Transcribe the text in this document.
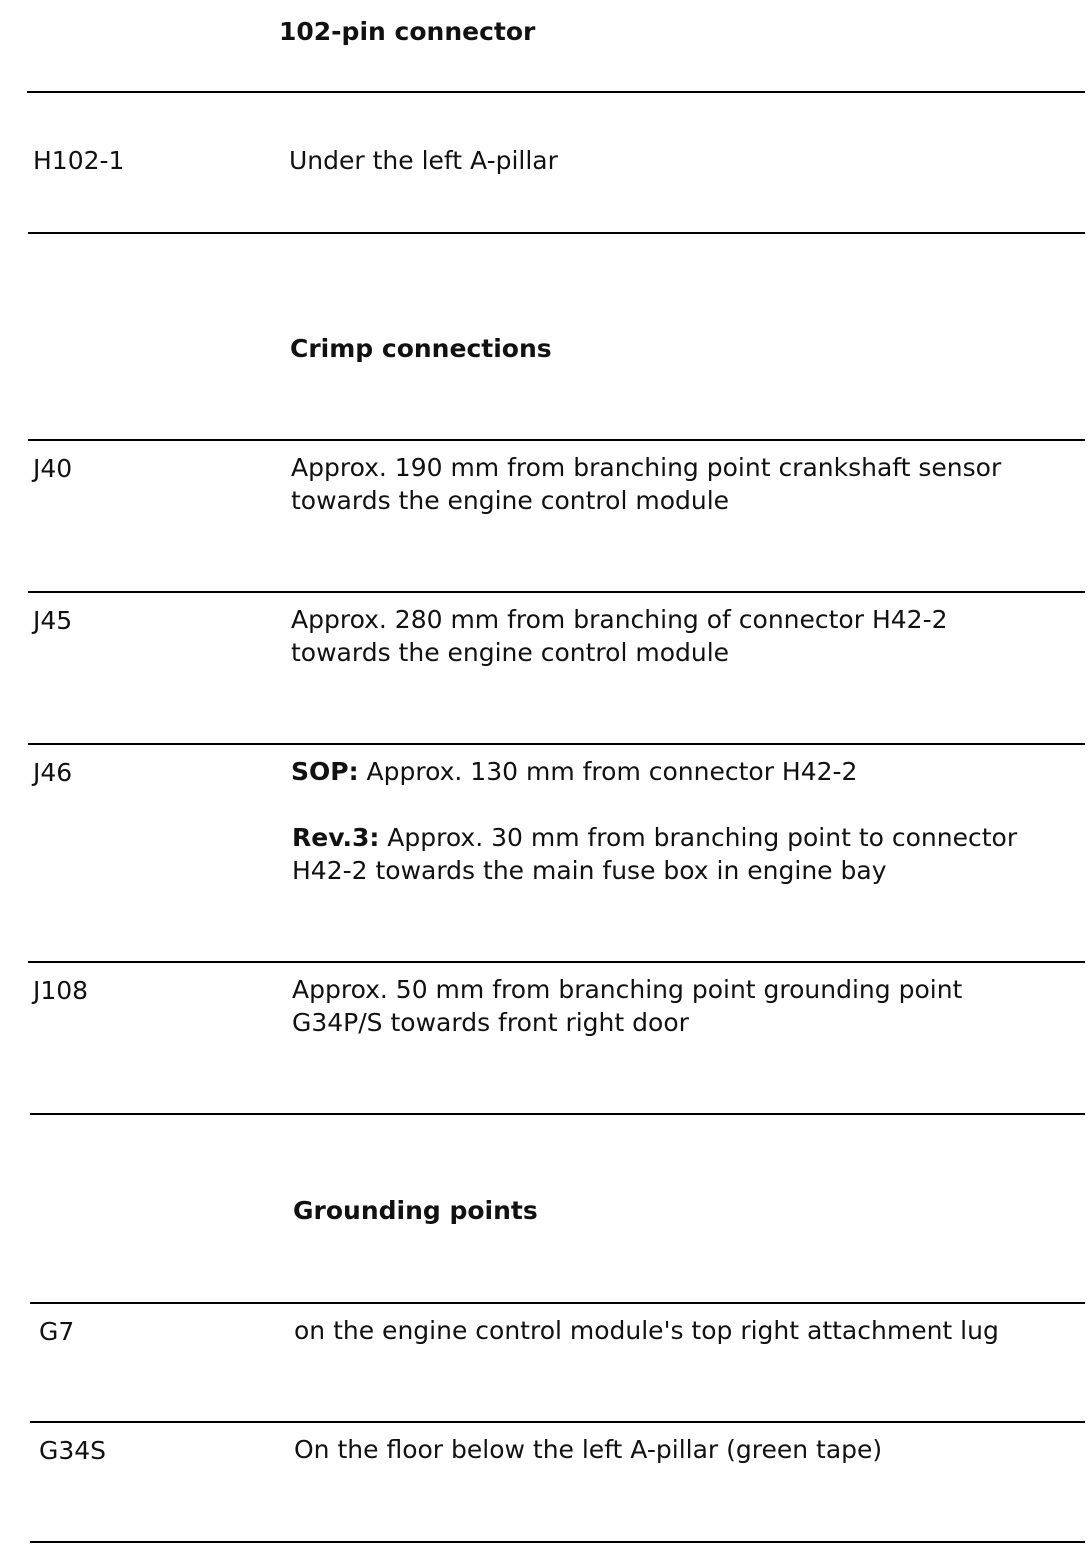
102-pin connector
H102-1	Under the left A-pillar
Crimp connections
J40	Approx. 190 mm from branching point crankshaft sensor
towards the engine control module
J45	Approx. 280 mm from branching of connector H42-2
towards the engine control module
J46	SOP: Approx. 130 mm from connector H42-2
Rev.3: Approx. 30 mm from branching point to connector
H42-2 towards the main fuse box in engine bay
J108	Approx. 50 mm from branching point grounding point
G34P/S towards front right door
Grounding points
G7	on the engine control module's top right attachment lug
G34S	On the floor below the left A-pillar (green tape)
